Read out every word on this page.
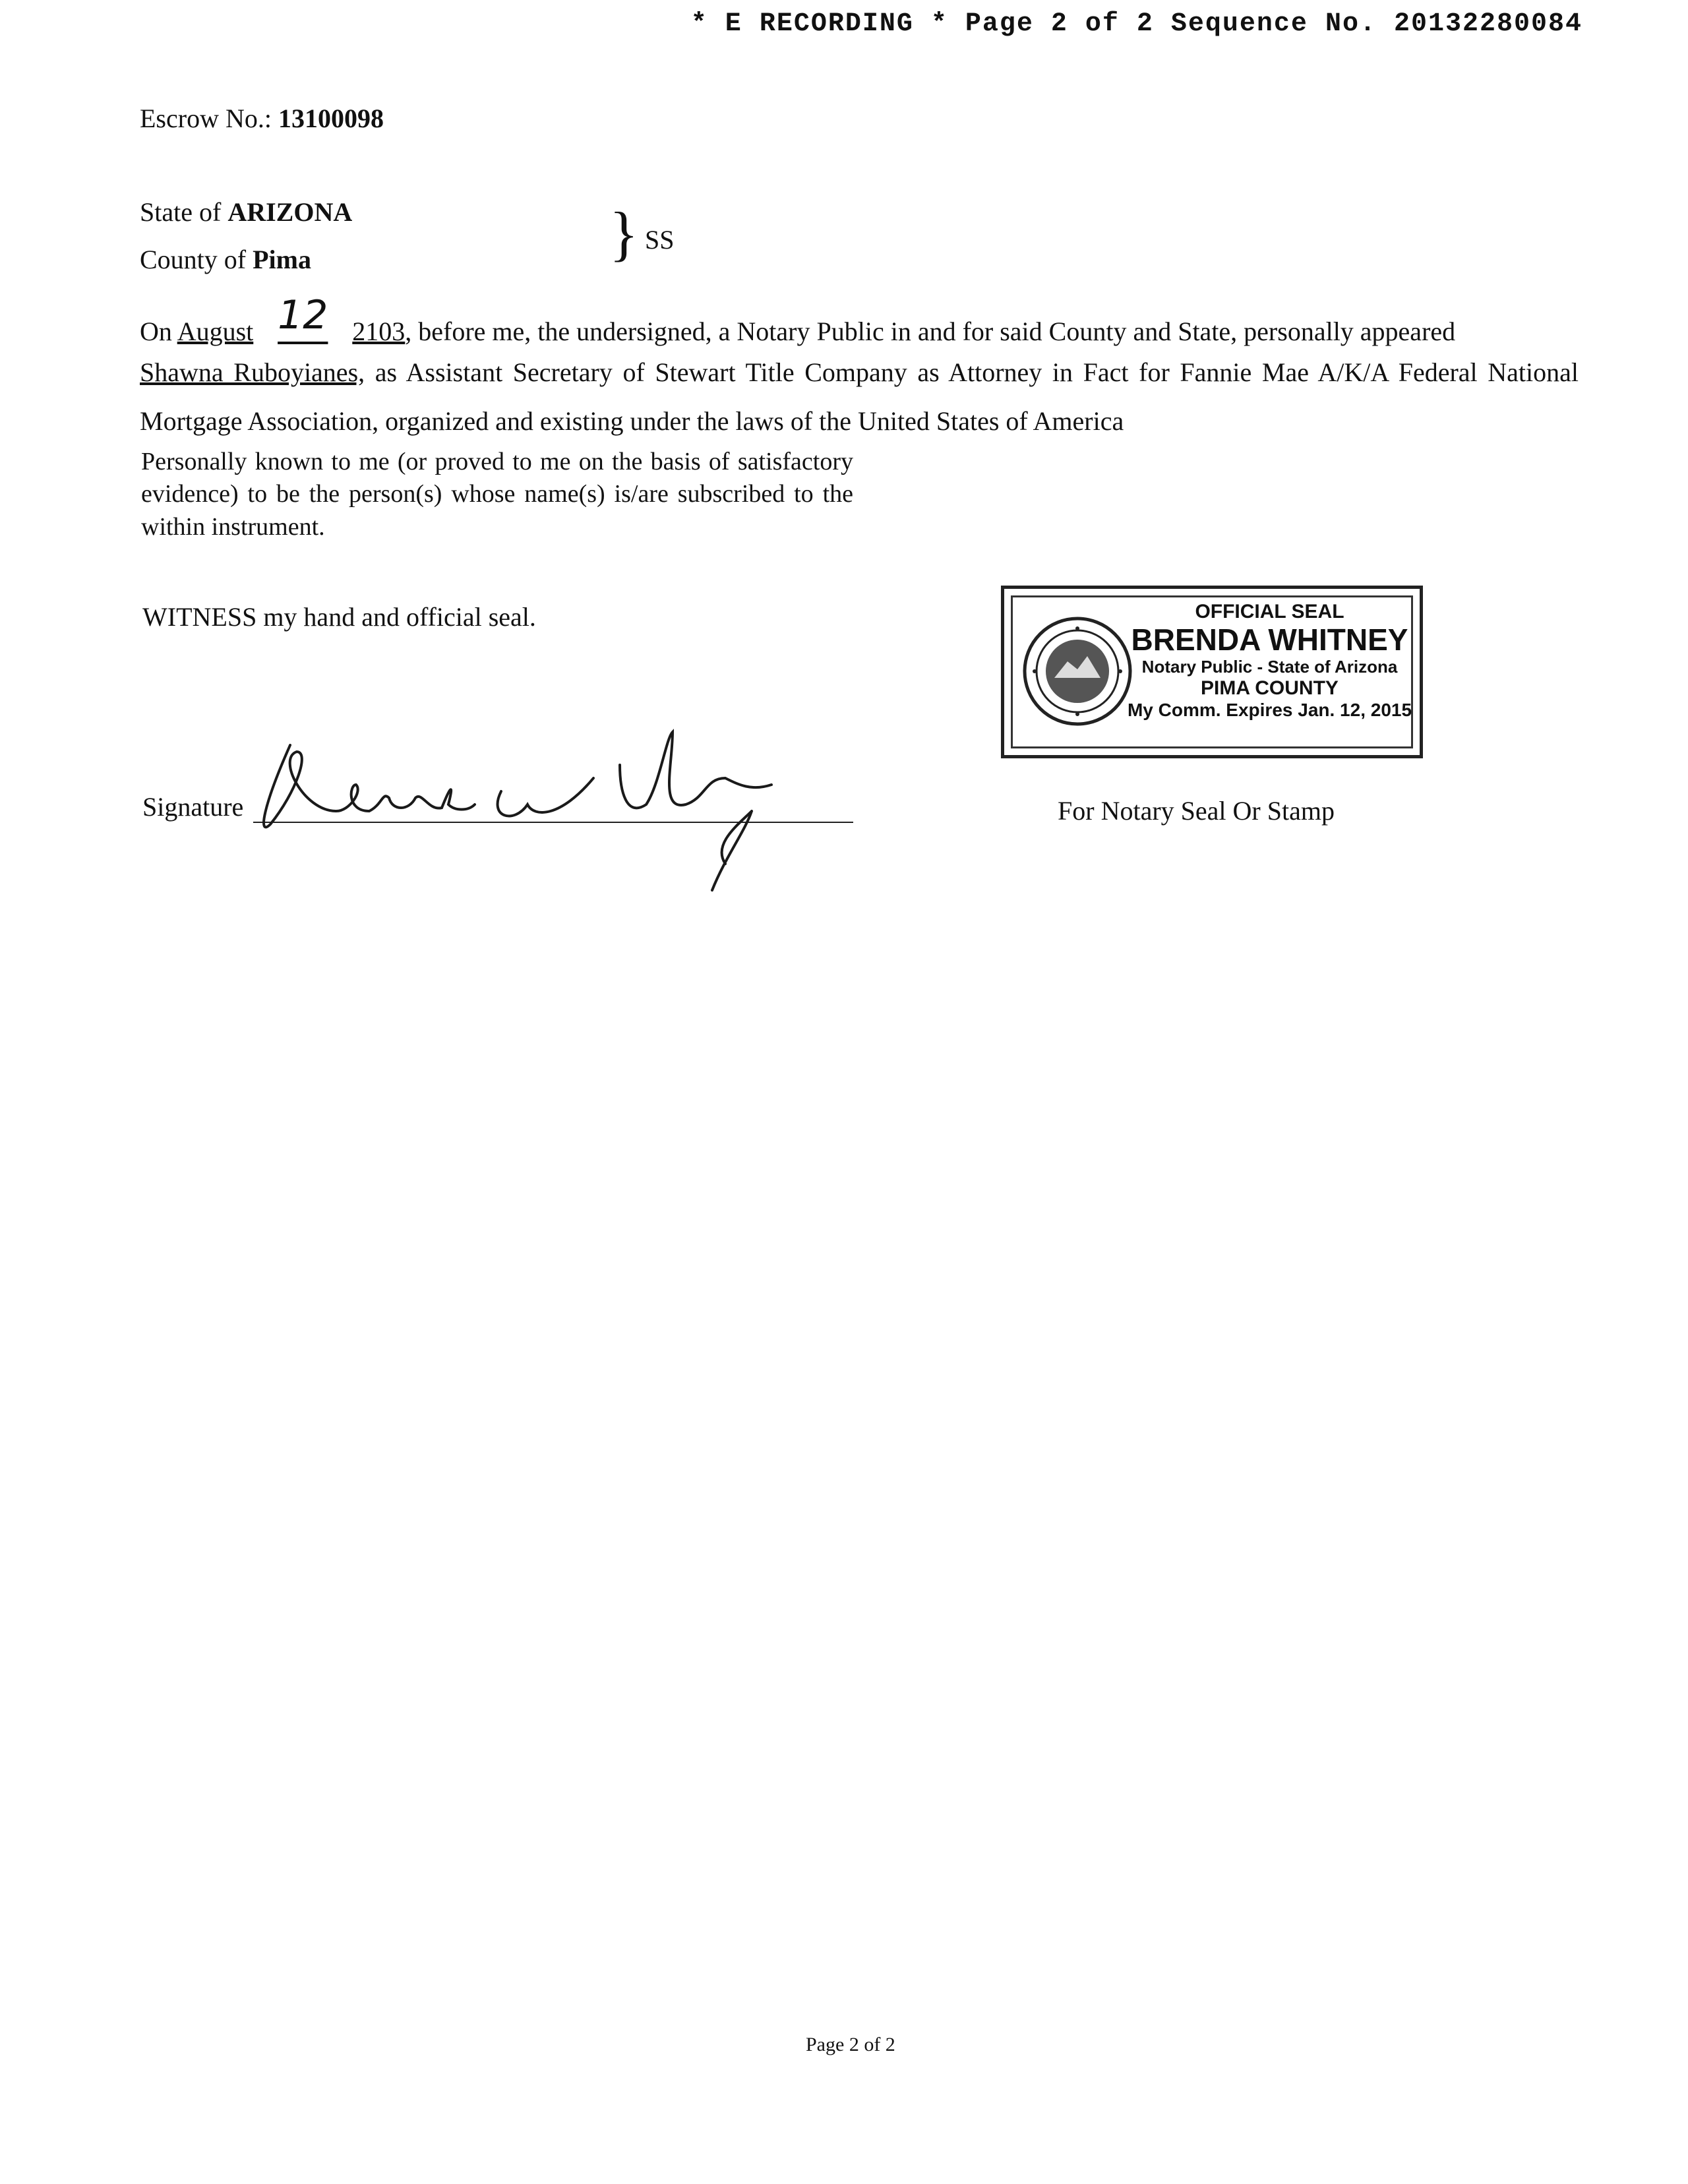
* E RECORDING * Page 2 of 2 Sequence No. 20132280084
Escrow No.: 13100098
State of ARIZONA
County of Pima	} SS
On August 12 2103, before me, the undersigned, a Notary Public in and for said County and State, personally appeared
Shawna Ruboyianes, as Assistant Secretary of Stewart Title Company as Attorney in Fact for Fannie Mae A/K/A Federal National Mortgage Association, organized and existing under the laws of the United States of America
Personally known to me (or proved to me on the basis of satisfactory evidence) to be the person(s) whose name(s) is/are subscribed to the within instrument.
WITNESS my hand and official seal.
Signature
OFFICIAL SEAL
BRENDA WHITNEY
Notary Public - State of Arizona
PIMA COUNTY
My Comm. Expires Jan. 12, 2015
For Notary Seal Or Stamp
Page 2 of 2
